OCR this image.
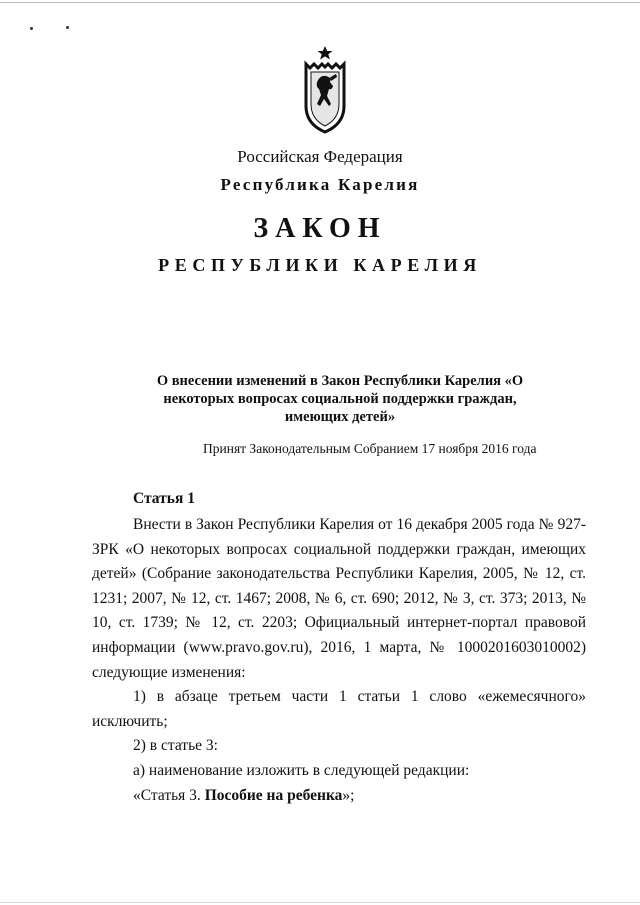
Российская Федерация
Республика Карелия
ЗАКОН
РЕСПУБЛИКИ КАРЕЛИЯ
О внесении изменений в Закон Республики Карелия «О некоторых вопросах социальной поддержки граждан, имеющих детей»
Принят Законодательным Собранием 17 ноября 2016 года
Статья 1

Внести в Закон Республики Карелия от 16 декабря 2005 года № 927-ЗРК «О некоторых вопросах социальной поддержки граждан, имеющих детей» (Собрание законодательства Республики Карелия, 2005, № 12, ст. 1231; 2007, № 12, ст. 1467; 2008, № 6, ст. 690; 2012, № 3, ст. 373; 2013, № 10, ст. 1739; № 12, ст. 2203; Официальный интернет-портал правовой информации (www.pravo.gov.ru), 2016, 1 марта, № 1000201603010002) следующие изменения:

1) в абзаце третьем части 1 статьи 1 слово «ежемесячного» исключить;

2) в статье 3:

а) наименование изложить в следующей редакции:

«Статья 3. Пособие на ребенка»;
